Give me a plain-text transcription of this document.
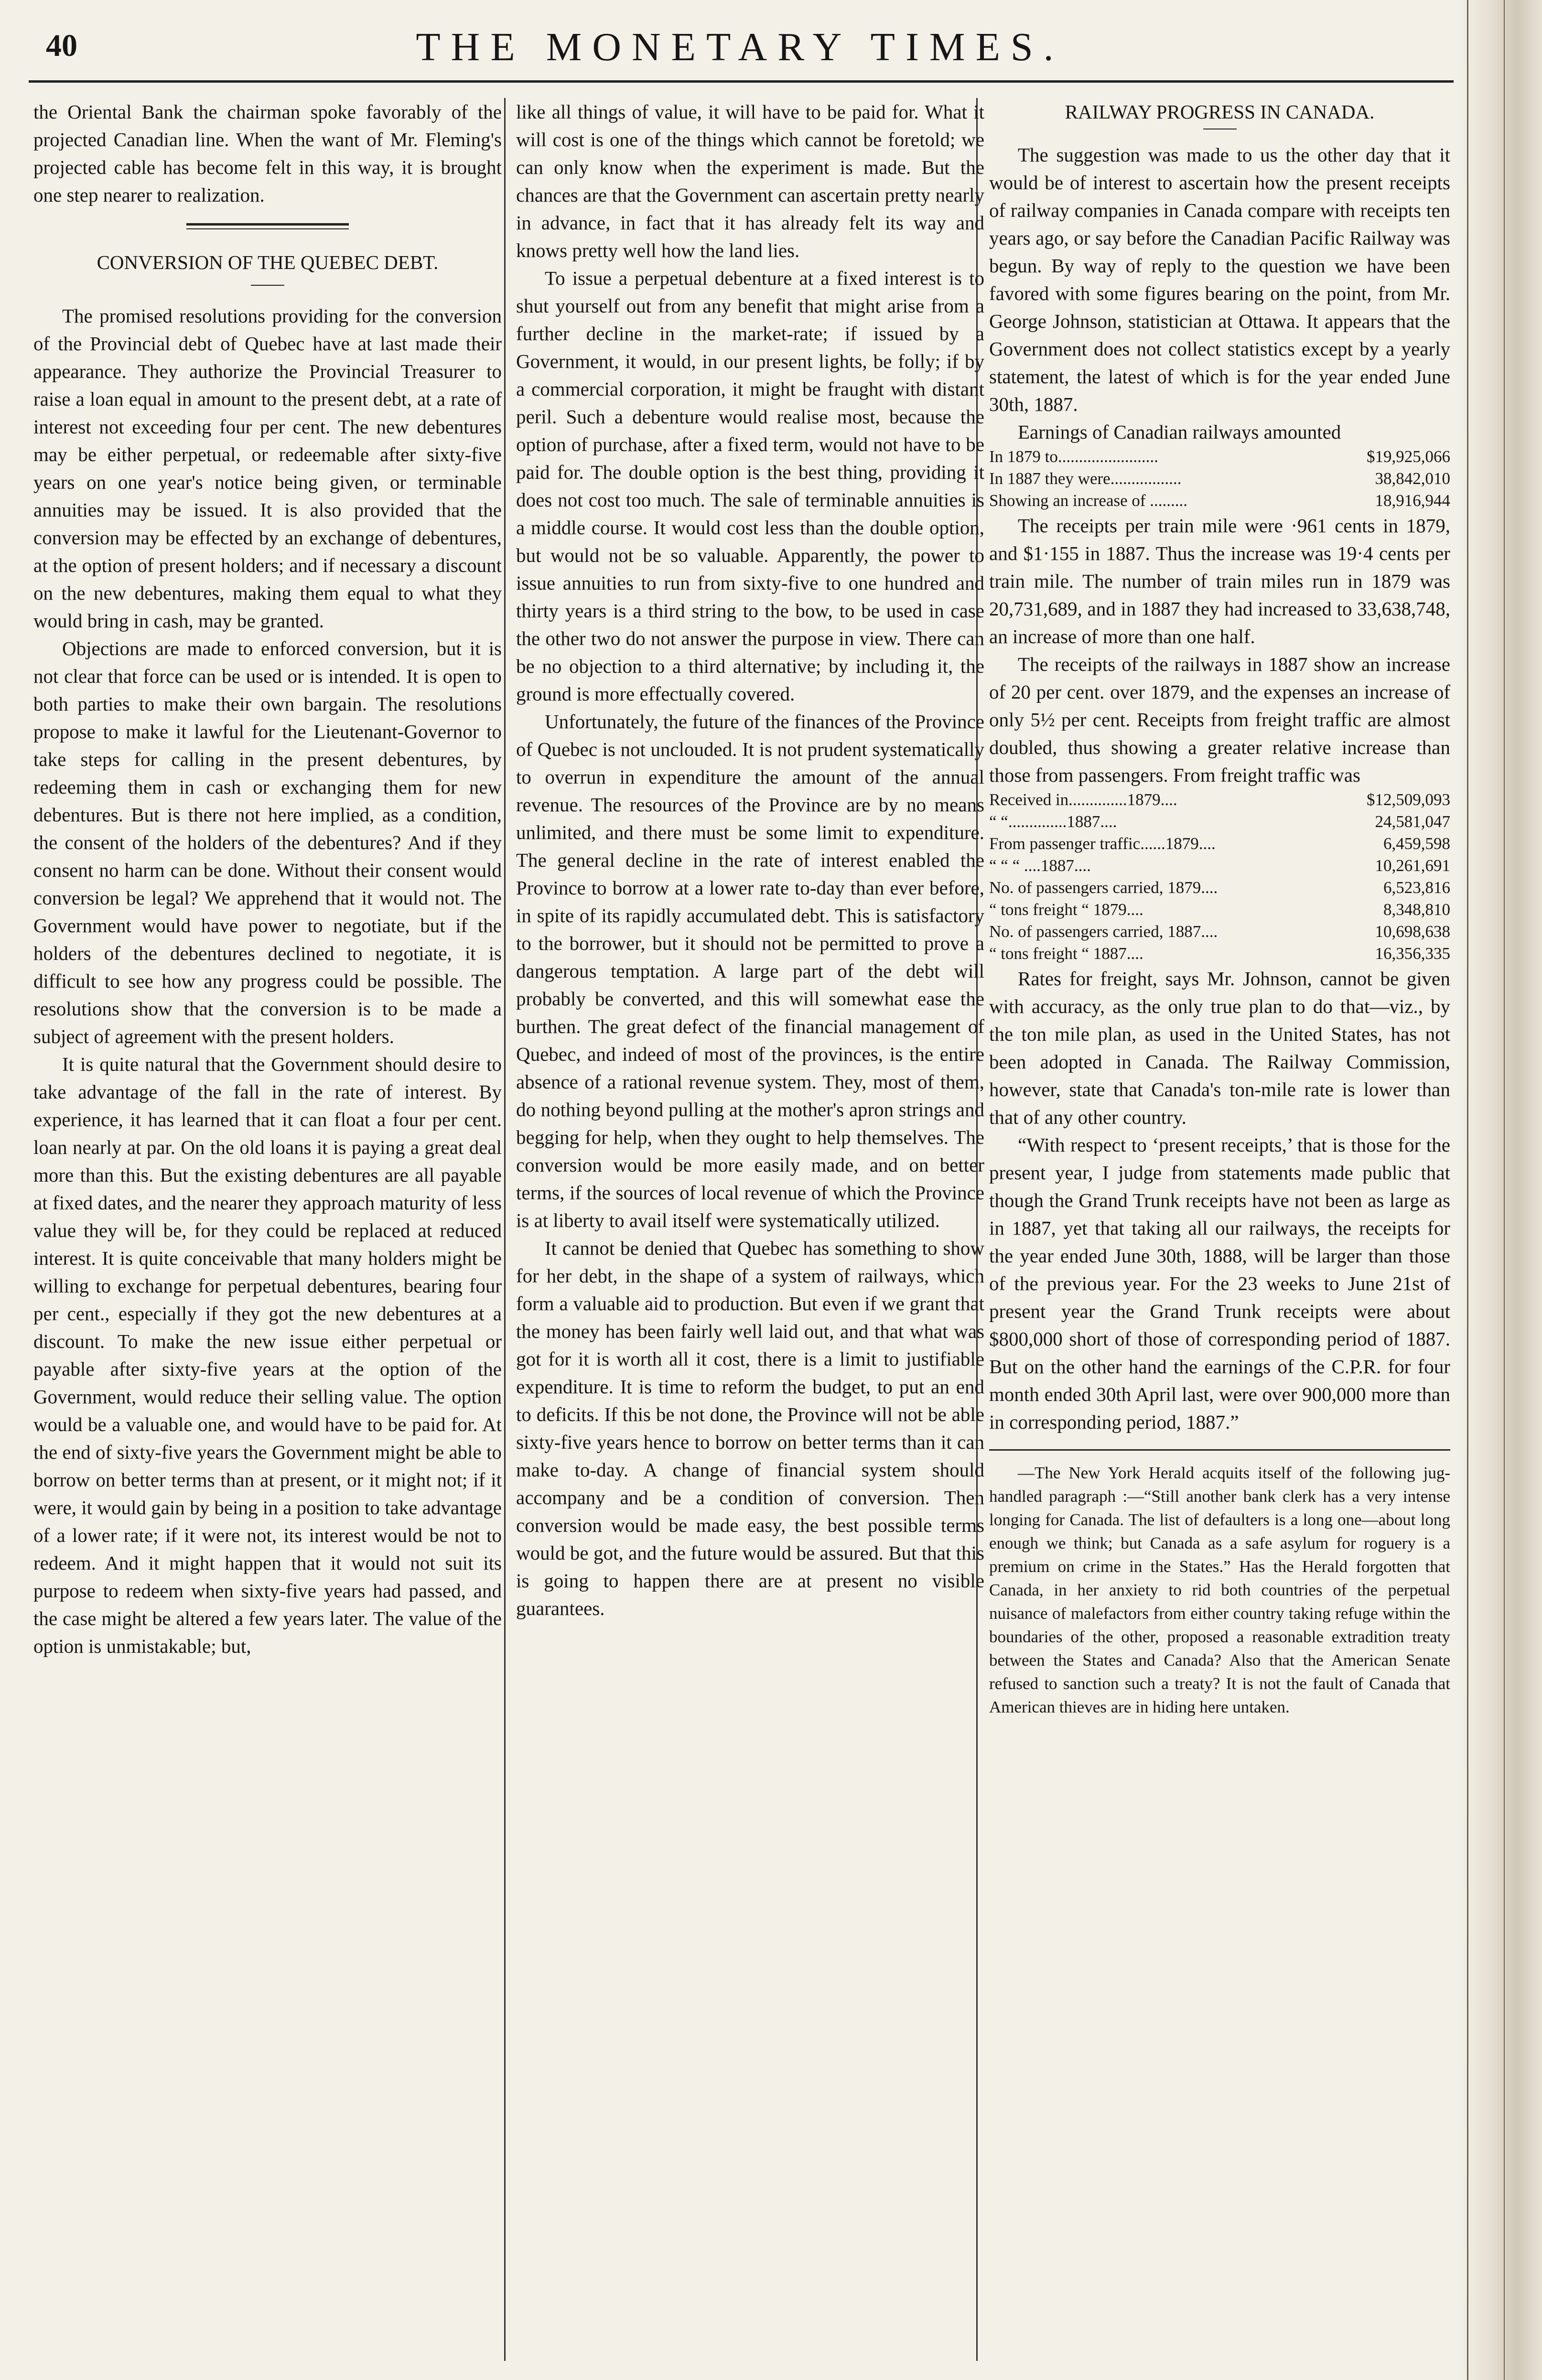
40	THE MONETARY TIMES.

the Oriental Bank the chairman spoke favorably of the projected Canadian line. When the want of Mr. Fleming's projected cable has become felt in this way, it is brought one step nearer to realization.

CONVERSION OF THE QUEBEC DEBT.

The promised resolutions providing for the conversion of the Provincial debt of Quebec have at last made their appearance. They authorize the Provincial Treasurer to raise a loan equal in amount to the present debt, at a rate of interest not exceeding four per cent. The new debentures may be either perpetual, or redeemable after sixty-five years on one year's notice being given, or terminable annuities may be issued. It is also provided that the conversion may be effected by an exchange of debentures, at the option of present holders; and if necessary a discount on the new debentures, making them equal to what they would bring in cash, may be granted.

Objections are made to enforced conversion, but it is not clear that force can be used or is intended. It is open to both parties to make their own bargain. The resolutions propose to make it lawful for the Lieutenant-Governor to take steps for calling in the present debentures, by redeeming them in cash or exchanging them for new debentures. But is there not here implied, as a condition, the consent of the holders of the debentures? And if they consent no harm can be done. Without their consent would conversion be legal? We apprehend that it would not. The Government would have power to negotiate, but if the holders of the debentures declined to negotiate, it is difficult to see how any progress could be possible. The resolutions show that the conversion is to be made a subject of agreement with the present holders.

It is quite natural that the Government should desire to take advantage of the fall in the rate of interest. By experience, it has learned that it can float a four per cent. loan nearly at par. On the old loans it is paying a great deal more than this. But the existing debentures are all payable at fixed dates, and the nearer they approach maturity of less value they will be, for they could be replaced at reduced interest. It is quite conceivable that many holders might be willing to exchange for perpetual debentures, bearing four per cent., especially if they got the new debentures at a discount. To make the new issue either perpetual or payable after sixty-five years at the option of the Government, would reduce their selling value. The option would be a valuable one, and would have to be paid for. At the end of sixty-five years the Government might be able to borrow on better terms than at present, or it might not; if it were, it would gain by being in a position to take advantage of a lower rate; if it were not, its interest would be not to redeem. And it might happen that it would not suit its purpose to redeem when sixty-five years had passed, and the case might be altered a few years later. The value of the option is unmistakable; but,

like all things of value, it will have to be paid for. What it will cost is one of the things which cannot be foretold; we can only know when the experiment is made. But the chances are that the Government can ascertain pretty nearly in advance, in fact that it has already felt its way and knows pretty well how the land lies.

To issue a perpetual debenture at a fixed interest is to shut yourself out from any benefit that might arise from a further decline in the market-rate; if issued by a Government, it would, in our present lights, be folly; if by a commercial corporation, it might be fraught with distant peril. Such a debenture would realise most, because the option of purchase, after a fixed term, would not have to be paid for. The double option is the best thing, providing it does not cost too much. The sale of terminable annuities is a middle course. It would cost less than the double option, but would not be so valuable. Apparently, the power to issue annuities to run from sixty-five to one hundred and thirty years is a third string to the bow, to be used in case the other two do not answer the purpose in view. There can be no objection to a third alternative; by including it, the ground is more effectually covered.

Unfortunately, the future of the finances of the Province of Quebec is not unclouded. It is not prudent systematically to overrun in expenditure the amount of the annual revenue. The resources of the Province are by no means unlimited, and there must be some limit to expenditure. The general decline in the rate of interest enabled the Province to borrow at a lower rate to-day than ever before, in spite of its rapidly accumulated debt. This is satisfactory to the borrower, but it should not be permitted to prove a dangerous temptation. A large part of the debt will probably be converted, and this will somewhat ease the burthen. The great defect of the financial management of Quebec, and indeed of most of the provinces, is the entire absence of a rational revenue system. They, most of them, do nothing beyond pulling at the mother's apron strings and begging for help, when they ought to help themselves. The conversion would be more easily made, and on better terms, if the sources of local revenue of which the Province is at liberty to avail itself were systematically utilized.

It cannot be denied that Quebec has something to show for her debt, in the shape of a system of railways, which form a valuable aid to production. But even if we grant that the money has been fairly well laid out, and that what was got for it is worth all it cost, there is a limit to justifiable expenditure. It is time to reform the budget, to put an end to deficits. If this be not done, the Province will not be able sixty-five years hence to borrow on better terms than it can make to-day. A change of financial system should accompany and be a condition of conversion. Then conversion would be made easy, the best possible terms would be got, and the future would be assured. But that this is going to happen there are at present no visible guarantees.

RAILWAY PROGRESS IN CANADA.

The suggestion was made to us the other day that it would be of interest to ascertain how the present receipts of railway companies in Canada compare with receipts ten years ago, or say before the Canadian Pacific Railway was begun. By way of reply to the question we have been favored with some figures bearing on the point, from Mr. George Johnson, statistician at Ottawa. It appears that the Government does not collect statistics except by a yearly statement, the latest of which is for the year ended June 30th, 1887.

Earnings of Canadian railways amounted

In 1879 to........................	$19,925,066
In 1887 they were.................	38,842,010
Showing an increase of .........	18,916,944

The receipts per train mile were ·961 cents in 1879, and $1·155 in 1887. Thus the increase was 19·4 cents per train mile. The number of train miles run in 1879 was 20,731,689, and in 1887 they had increased to 33,638,748, an increase of more than one half.

The receipts of the railways in 1887 show an increase of 20 per cent. over 1879, and the expenses an increase of only 5½ per cent. Receipts from freight traffic are almost doubled, thus showing a greater relative increase than those from passengers. From freight traffic was

Received in..............1879....	$12,509,093
“ “..............1887....	24,581,047
From passenger traffic......1879....	6,459,598
“ “ “ ....1887....	10,261,691
No. of passengers carried, 1879....	6,523,816
“ tons freight “ 1879....	8,348,810
No. of passengers carried, 1887....	10,698,638
“ tons freight “ 1887....	16,356,335

Rates for freight, says Mr. Johnson, cannot be given with accuracy, as the only true plan to do that—viz., by the ton mile plan, as used in the United States, has not been adopted in Canada. The Railway Commission, however, state that Canada's ton-mile rate is lower than that of any other country.

“With respect to ‘present receipts,’ that is those for the present year, I judge from statements made public that though the Grand Trunk receipts have not been as large as in 1887, yet that taking all our railways, the receipts for the year ended June 30th, 1888, will be larger than those of the previous year. For the 23 weeks to June 21st of present year the Grand Trunk receipts were about $800,000 short of those of corresponding period of 1887. But on the other hand the earnings of the C.P.R. for four month ended 30th April last, were over 900,000 more than in corresponding period, 1887.”

—The New York Herald acquits itself of the following jug-handled paragraph :—“Still another bank clerk has a very intense longing for Canada. The list of defaulters is a long one—about long enough we think; but Canada as a safe asylum for roguery is a premium on crime in the States.” Has the Herald forgotten that Canada, in her anxiety to rid both countries of the perpetual nuisance of malefactors from either country taking refuge within the boundaries of the other, proposed a reasonable extradition treaty between the States and Canada? Also that the American Senate refused to sanction such a treaty? It is not the fault of Canada that American thieves are in hiding here untaken.
